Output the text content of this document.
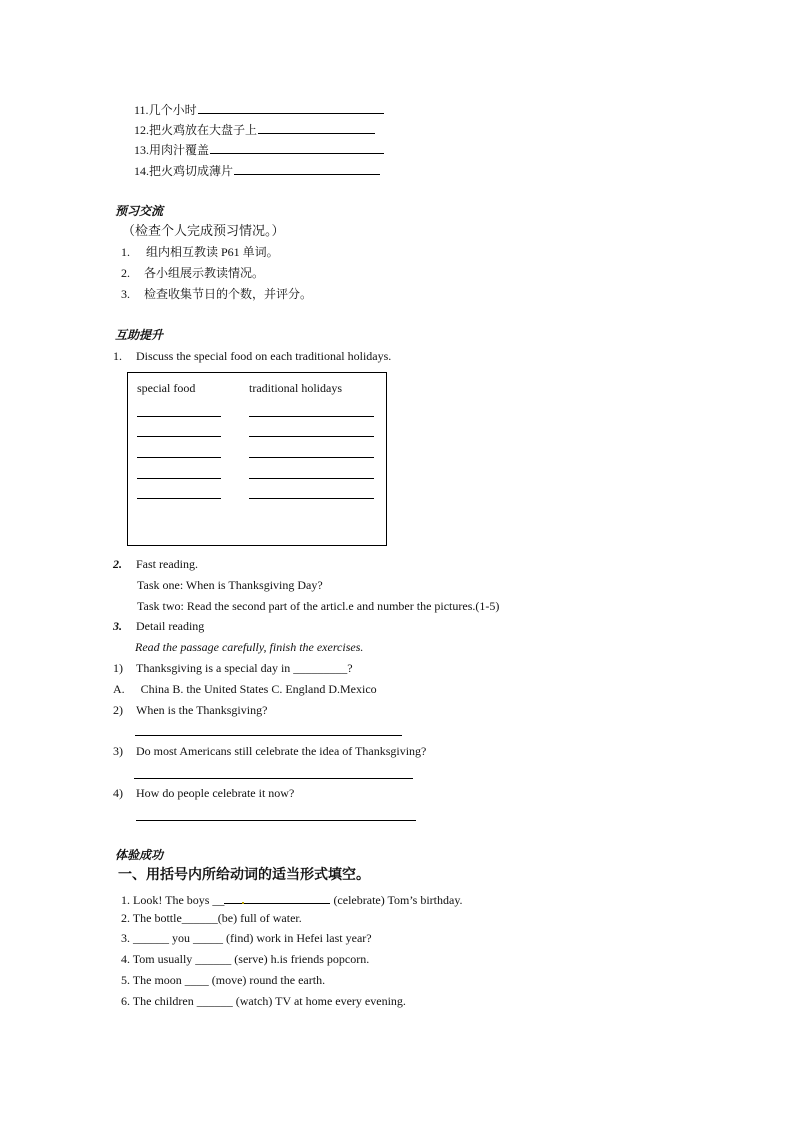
11.几个小时
12.把火鸡放在大盘子上
13.用肉汁覆盖
14.把火鸡切成薄片
预习交流
（检查个人完成预习情况。）
1. 组内相互教读 P61 单词。
2. 各小组展示教读情况。
3. 检查收集节日的个数，并评分。
互助提升
1. Discuss the special food on each traditional holidays.
special food	traditional holidays
2. Fast reading.
Task one: When is Thanksgiving Day?
Task two: Read the second part of the articl.e and number the pictures.(1-5)
3. Detail reading
Read the passage carefully, finish the exercises.
1) Thanksgiving is a special day in _________?
A. China B. the United States C. England D.Mexico
2) When is the Thanksgiving?
3) Do most Americans still celebrate the idea of Thanksgiving?
4) How do people celebrate it now?
体验成功
一、用括号内所给动词的适当形式填空。
1. Look! The boys __	(celebrate) Tom’s birthday.
2. The bottle______(be) full of water.
3. ______ you _____ (find) work in Hefei last year?
4. Tom usually ______ (serve) h.is friends popcorn.
5. The moon ____ (move) round the earth.
6. The children ______ (watch) TV at home every evening.
